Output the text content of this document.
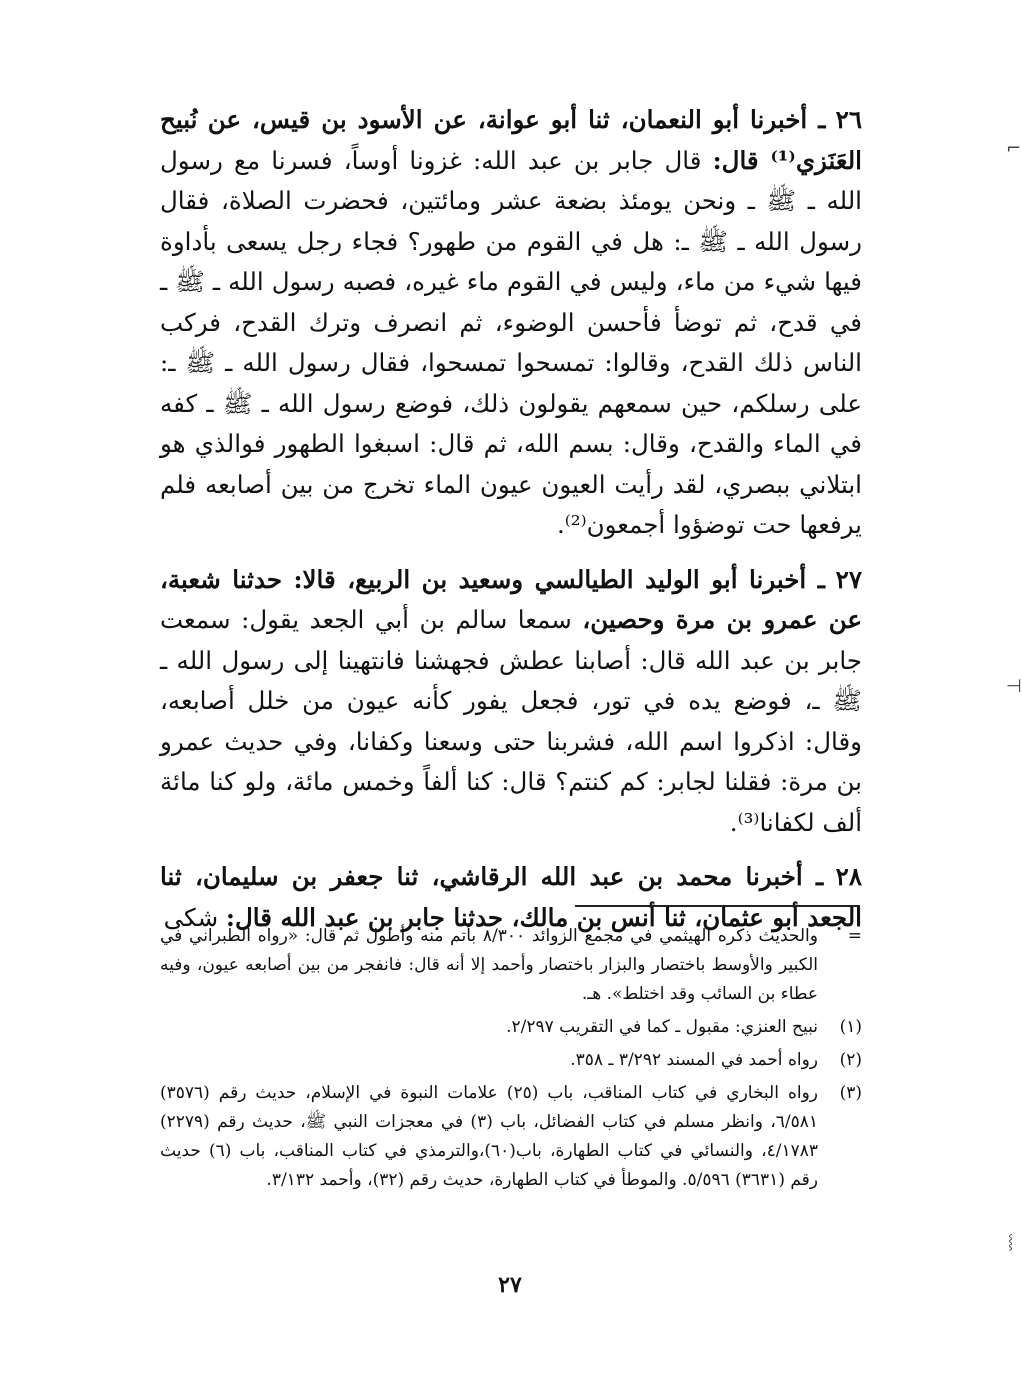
٢٦ ـ أخبرنا أبو النعمان، ثنا أبو عوانة، عن الأسود بن قيس، عن نُبيح العَنَزي⁽¹⁾ قال: قال جابر بن عبد الله: غزونا أوساً، فسرنا مع رسول الله ـ ﷺ ـ ونحن يومئذ بضعة عشر ومائتين، فحضرت الصلاة، فقال رسول الله ـ ﷺ ـ: هل في القوم من طهور؟ فجاء رجل يسعى بأداوة فيها شيء من ماء، وليس في القوم ماء غيره، فصبه رسول الله ـ ﷺ ـ في قدح، ثم توضأ فأحسن الوضوء، ثم انصرف وترك القدح، فركب الناس ذلك القدح، وقالوا: تمسحوا تمسحوا، فقال رسول الله ـ ﷺ ـ: على رسلكم، حين سمعهم يقولون ذلك، فوضع رسول الله ـ ﷺ ـ كفه في الماء والقدح، وقال: بسم الله، ثم قال: اسبغوا الطهور فوالذي هو ابتلاني ببصري، لقد رأيت العيون عيون الماء تخرج من بين أصابعه فلم يرفعها حت توضؤوا أجمعون⁽²⁾.

٢٧ ـ أخبرنا أبو الوليد الطيالسي وسعيد بن الربيع، قالا: حدثنا شعبة، عن عمرو بن مرة وحصين، سمعا سالم بن أبي الجعد يقول: سمعت جابر بن عبد الله قال: أصابنا عطش فجهشنا فانتهينا إلى رسول الله ـ ﷺ ـ، فوضع يده في تور، فجعل يفور كأنه عيون من خلل أصابعه، وقال: اذكروا اسم الله، فشربنا حتى وسعنا وكفانا، وفي حديث عمرو بن مرة: فقلنا لجابر: كم كنتم؟ قال: كنا ألفاً وخمس مائة، ولو كنا مائة ألف لكفانا⁽³⁾.

٢٨ ـ أخبرنا محمد بن عبد الله الرقاشي، ثنا جعفر بن سليمان، ثنا الجعد أبو عثمان، ثنا أنس بن مالك، حدثنا جابر بن عبد الله قال: شكى

=
والحديث ذكره الهيثمي في مجمع الزوائد ٨/٣٠٠ بأتم منه وأطول ثم قال: «رواه الطبراني في الكبير والأوسط باختصار والبزار باختصار وأحمد إلا أنه قال: فانفجر من بين أصابعه عيون، وفيه عطاء بن السائب وقد اختلط». هـ.

(١)
نبيح العنزي: مقبول ـ كما في التقريب ٢/٢٩٧.

(٢)
رواه أحمد في المسند ٣/٢٩٢ ـ ٣٥٨.

(٣)
رواه البخاري في كتاب المناقب، باب (٢٥) علامات النبوة في الإسلام، حديث رقم (٣٥٧٦) ٦/٥٨١، وانظر مسلم في كتاب الفضائل، باب (٣) في معجزات النبي ﷺ، حديث رقم (٢٢٧٩) ٤/١٧٨٣، والنسائي في كتاب الطهارة، باب(٦٠)،والترمذي في كتاب المناقب، باب (٦) حديث رقم (٣٦٣١) ٥/٥٩٦. والموطأ في كتاب الطهارة، حديث رقم (٣٢)، وأحمد ٣/١٣٢.

٢٧
⌐
⊣
⸾
